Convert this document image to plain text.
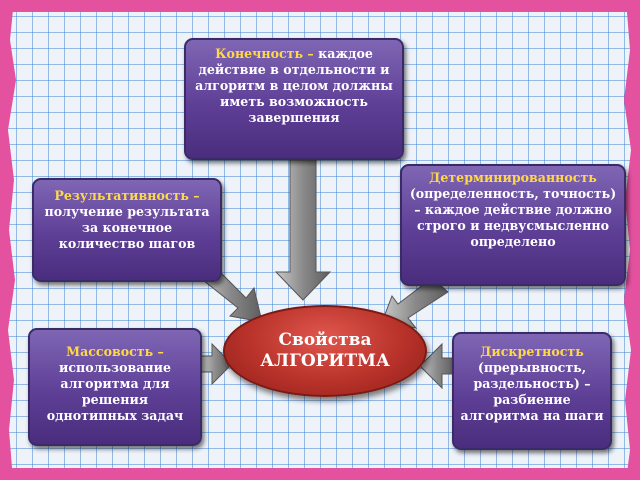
Конечность – каждое действие в отдельности и алгоритм в целом должны иметь возможность завершения
Детерминированность (определенность, точность) – каждое действие должно строго и недвусмысленно определено
Результативность – получение результата за конечное количество шагов
Массовость – использование алгоритма для решения однотипных задач
Дискретность (прерывность, раздельность) – разбиение алгоритма на шаги
Свойства
АЛГОРИТМА
